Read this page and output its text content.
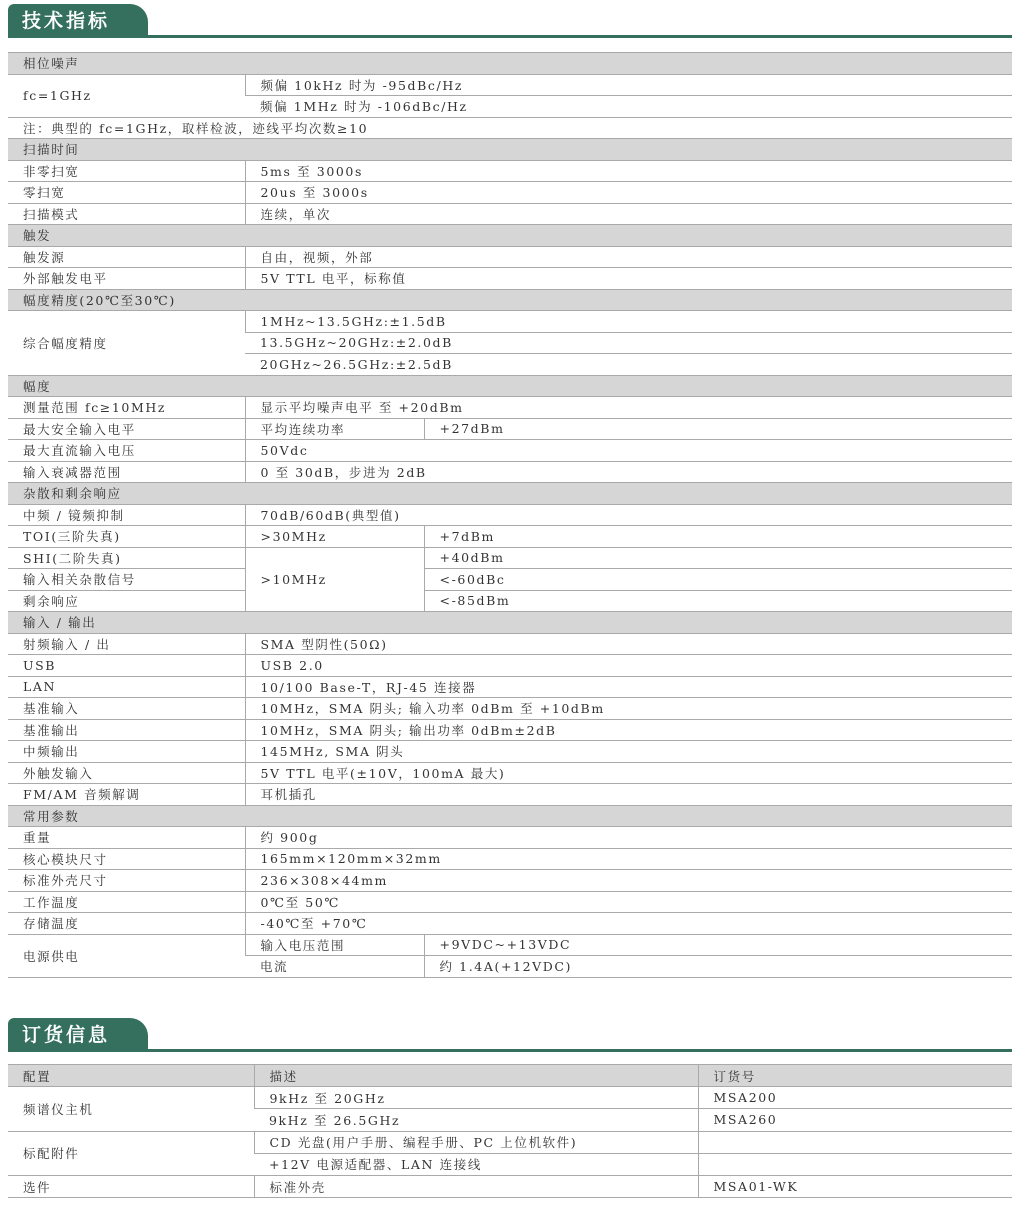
技术指标
相位噪声		
fc=1GHz	频偏 10kHz 时为 -95dBc/Hz	
	频偏 1MHz 时为 -106dBc/Hz	
注：典型的 fc=1GHz，取样检波，迹线平均次数≥10		
扫描时间		
非零扫宽	5ms 至 3000s	
零扫宽	20us 至 3000s	
扫描模式	连续，单次	
触发		
触发源	自由，视频，外部	
外部触发电平	5V TTL 电平，标称值	
幅度精度(20℃至30℃)		
综合幅度精度	1MHz~13.5GHz:±1.5dB	
	13.5GHz~20GHz:±2.0dB	
	20GHz~26.5GHz:±2.5dB	
幅度		
测量范围 fc≥10MHz	显示平均噪声电平 至 +20dBm	
最大安全输入电平	平均连续功率	+27dBm
最大直流输入电压	50Vdc	
输入衰减器范围	0 至 30dB，步进为 2dB	
杂散和剩余响应		
中频 / 镜频抑制	70dB/60dB(典型值)	
TOI(三阶失真)	>30MHz	+7dBm
SHI(二阶失真)	>10MHz	+40dBm
输入相关杂散信号		<-60dBc
剩余响应		<-85dBm
输入 / 输出		
射频输入 / 出	SMA 型阴性(50Ω)	
USB	USB 2.0	
LAN	10/100 Base-T，RJ-45 连接器	
基准输入	10MHz，SMA 阴头; 输入功率 0dBm 至 +10dBm	
基准输出	10MHz，SMA 阴头; 输出功率 0dBm±2dB	
中频输出	145MHz, SMA 阴头	
外触发输入	5V TTL 电平(±10V，100mA 最大)	
FM/AM 音频解调	耳机插孔	
常用参数		
重量	约 900g	
核心模块尺寸	165mm×120mm×32mm	
标准外壳尺寸	236×308×44mm	
工作温度	0℃至 50℃	
存储温度	-40℃至 +70℃	
电源供电	输入电压范围	+9VDC~+13VDC
	电流	约 1.4A(+12VDC)
订货信息
配置	描述	订货号
频谱仪主机	9kHz 至 20GHz	MSA200
	9kHz 至 26.5GHz	MSA260
标配附件	CD 光盘(用户手册、编程手册、PC 上位机软件)	
	+12V 电源适配器、LAN 连接线	
选件	标准外壳	MSA01-WK
